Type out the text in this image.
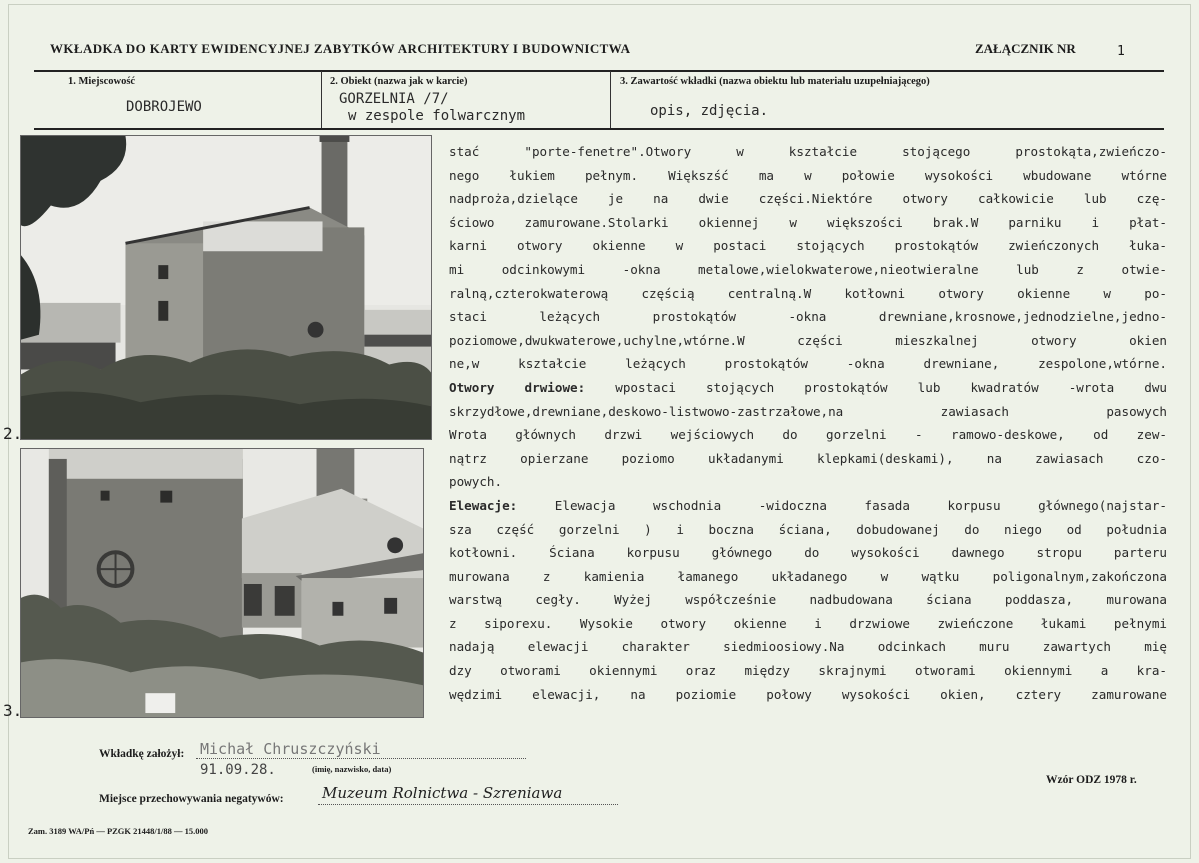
WKŁADKA DO KARTY EWIDENCYJNEJ ZABYTKÓW ARCHITEKTURY I BUDOWNICTWA	ZAŁĄCZNIK NR	1
1. Miejscowość
DOBROJEWO
2. Obiekt (nazwa jak w karcie)
GORZELNIA /7/
w zespole folwarcznym
3. Zawartość wkładki (nazwa obiektu lub materiału uzupełniającego)
opis, zdjęcia.
2.
3.
stać "porte-fenetre".Otwory w kształcie stojącego prostokąta,zwieńczo-
nego łukiem pełnym. Większść ma w połowie wysokości wbudowane wtórne
nadproża,dzielące je na dwie części.Niektóre otwory całkowicie lub czę-
ściowo zamurowane.Stolarki okiennej w większości brak.W parniku i płat-
karni otwory okienne w postaci stojących prostokątów zwieńczonych łuka-
mi odcinkowymi -okna metalowe,wielokwaterowe,nieotwieralne lub z otwie-
ralną,czterokwaterową częścią centralną.W kotłowni otwory okienne w po-
staci leżących prostokątów -okna drewniane,krosnowe,jednodzielne,jedno-
poziomowe,dwukwaterowe,uchylne,wtórne.W części mieszkalnej otwory okien
ne,w kształcie leżących prostokątów -okna drewniane, zespolone,wtórne.
Otwory drwiowe: wpostaci stojących prostokątów lub kwadratów -wrota dwu
skrzydłowe,drewniane,deskowo-listwowo-zastrzałowe,na zawiasach pasowych
Wrota głównych drzwi wejściowych do gorzelni - ramowo-deskowe, od zew-
nątrz opierzane poziomo układanymi klepkami(deskami), na zawiasach czo-
powych.
Elewacje: Elewacja wschodnia -widoczna fasada korpusu głównego(najstar-
sza część gorzelni ) i boczna ściana, dobudowanej do niego od południa
kotłowni. Ściana korpusu głównego do wysokości dawnego stropu parteru
murowana z kamienia łamanego układanego w wątku poligonalnym,zakończona
warstwą cegły. Wyżej współcześnie nadbudowana ściana poddasza, murowana
z siporexu. Wysokie otwory okienne i drzwiowe zwieńczone łukami pełnymi
nadają elewacji charakter siedmioosiowy.Na odcinkach muru zawartych mię
dzy otworami okiennymi oraz między skrajnymi otworami okiennymi a kra-
wędzimi elewacji, na poziomie połowy wysokości okien, cztery zamurowane
Wkładkę założył: Michał Chruszczyński
91.09.28.	(imię, nazwisko, data)
Wzór ODZ 1978 r.
Miejsce przechowywania negatywów:	Muzeum Rolnictwa - Szreniawa
Zam. 3189 WA/Pń — PZGK 21448/1/88 — 15.000
